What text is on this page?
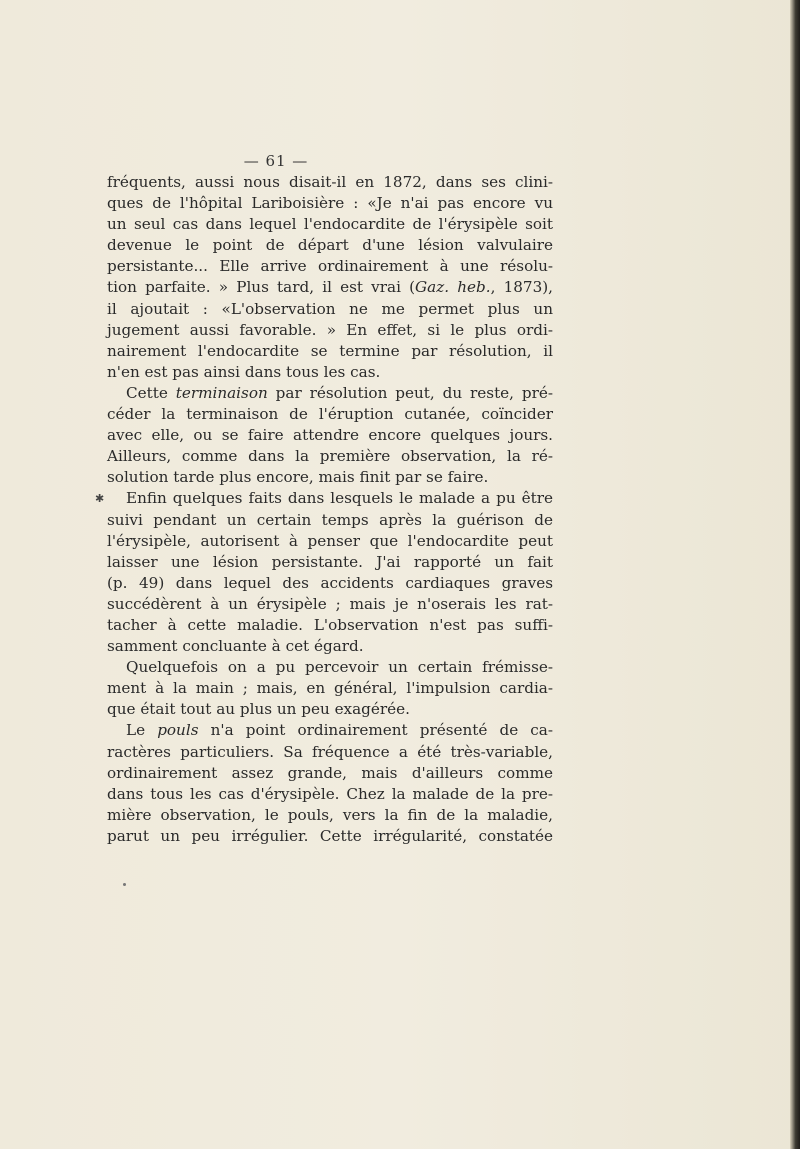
— 61 —
✱
fréquents, aussi nous disait-il en 1872, dans ses clini-
ques de l'hôpital Lariboisière : «Je n'ai pas encore vu
un seul cas dans lequel l'endocardite de l'érysipèle soit
devenue le point de départ d'une lésion valvulaire
persistante... Elle arrive ordinairement à une résolu-
tion parfaite. » Plus tard, il est vrai (Gaz. heb., 1873),
il ajoutait : «L'observation ne me permet plus un
jugement aussi favorable. » En effet, si le plus ordi-
nairement l'endocardite se termine par résolution, il
n'en est pas ainsi dans tous les cas.
Cette terminaison par résolution peut, du reste, pré-
céder la terminaison de l'éruption cutanée, coïncider
avec elle, ou se faire attendre encore quelques jours.
Ailleurs, comme dans la première observation, la ré-
solution tarde plus encore, mais finit par se faire.
Enfin quelques faits dans lesquels le malade a pu être
suivi pendant un certain temps après la guérison de
l'érysipèle, autorisent à penser que l'endocardite peut
laisser une lésion persistante. J'ai rapporté un fait
(p. 49) dans lequel des accidents cardiaques graves
succédèrent à un érysipèle ; mais je n'oserais les rat-
tacher à cette maladie. L'observation n'est pas suffi-
samment concluante à cet égard.
Quelquefois on a pu percevoir un certain frémisse-
ment à la main ; mais, en général, l'impulsion cardia-
que était tout au plus un peu exagérée.
Le pouls n'a point ordinairement présenté de ca-
ractères particuliers. Sa fréquence a été très-variable,
ordinairement assez grande, mais d'ailleurs comme
dans tous les cas d'érysipèle. Chez la malade de la pre-
mière observation, le pouls, vers la fin de la maladie,
parut un peu irrégulier. Cette irrégularité, constatée
